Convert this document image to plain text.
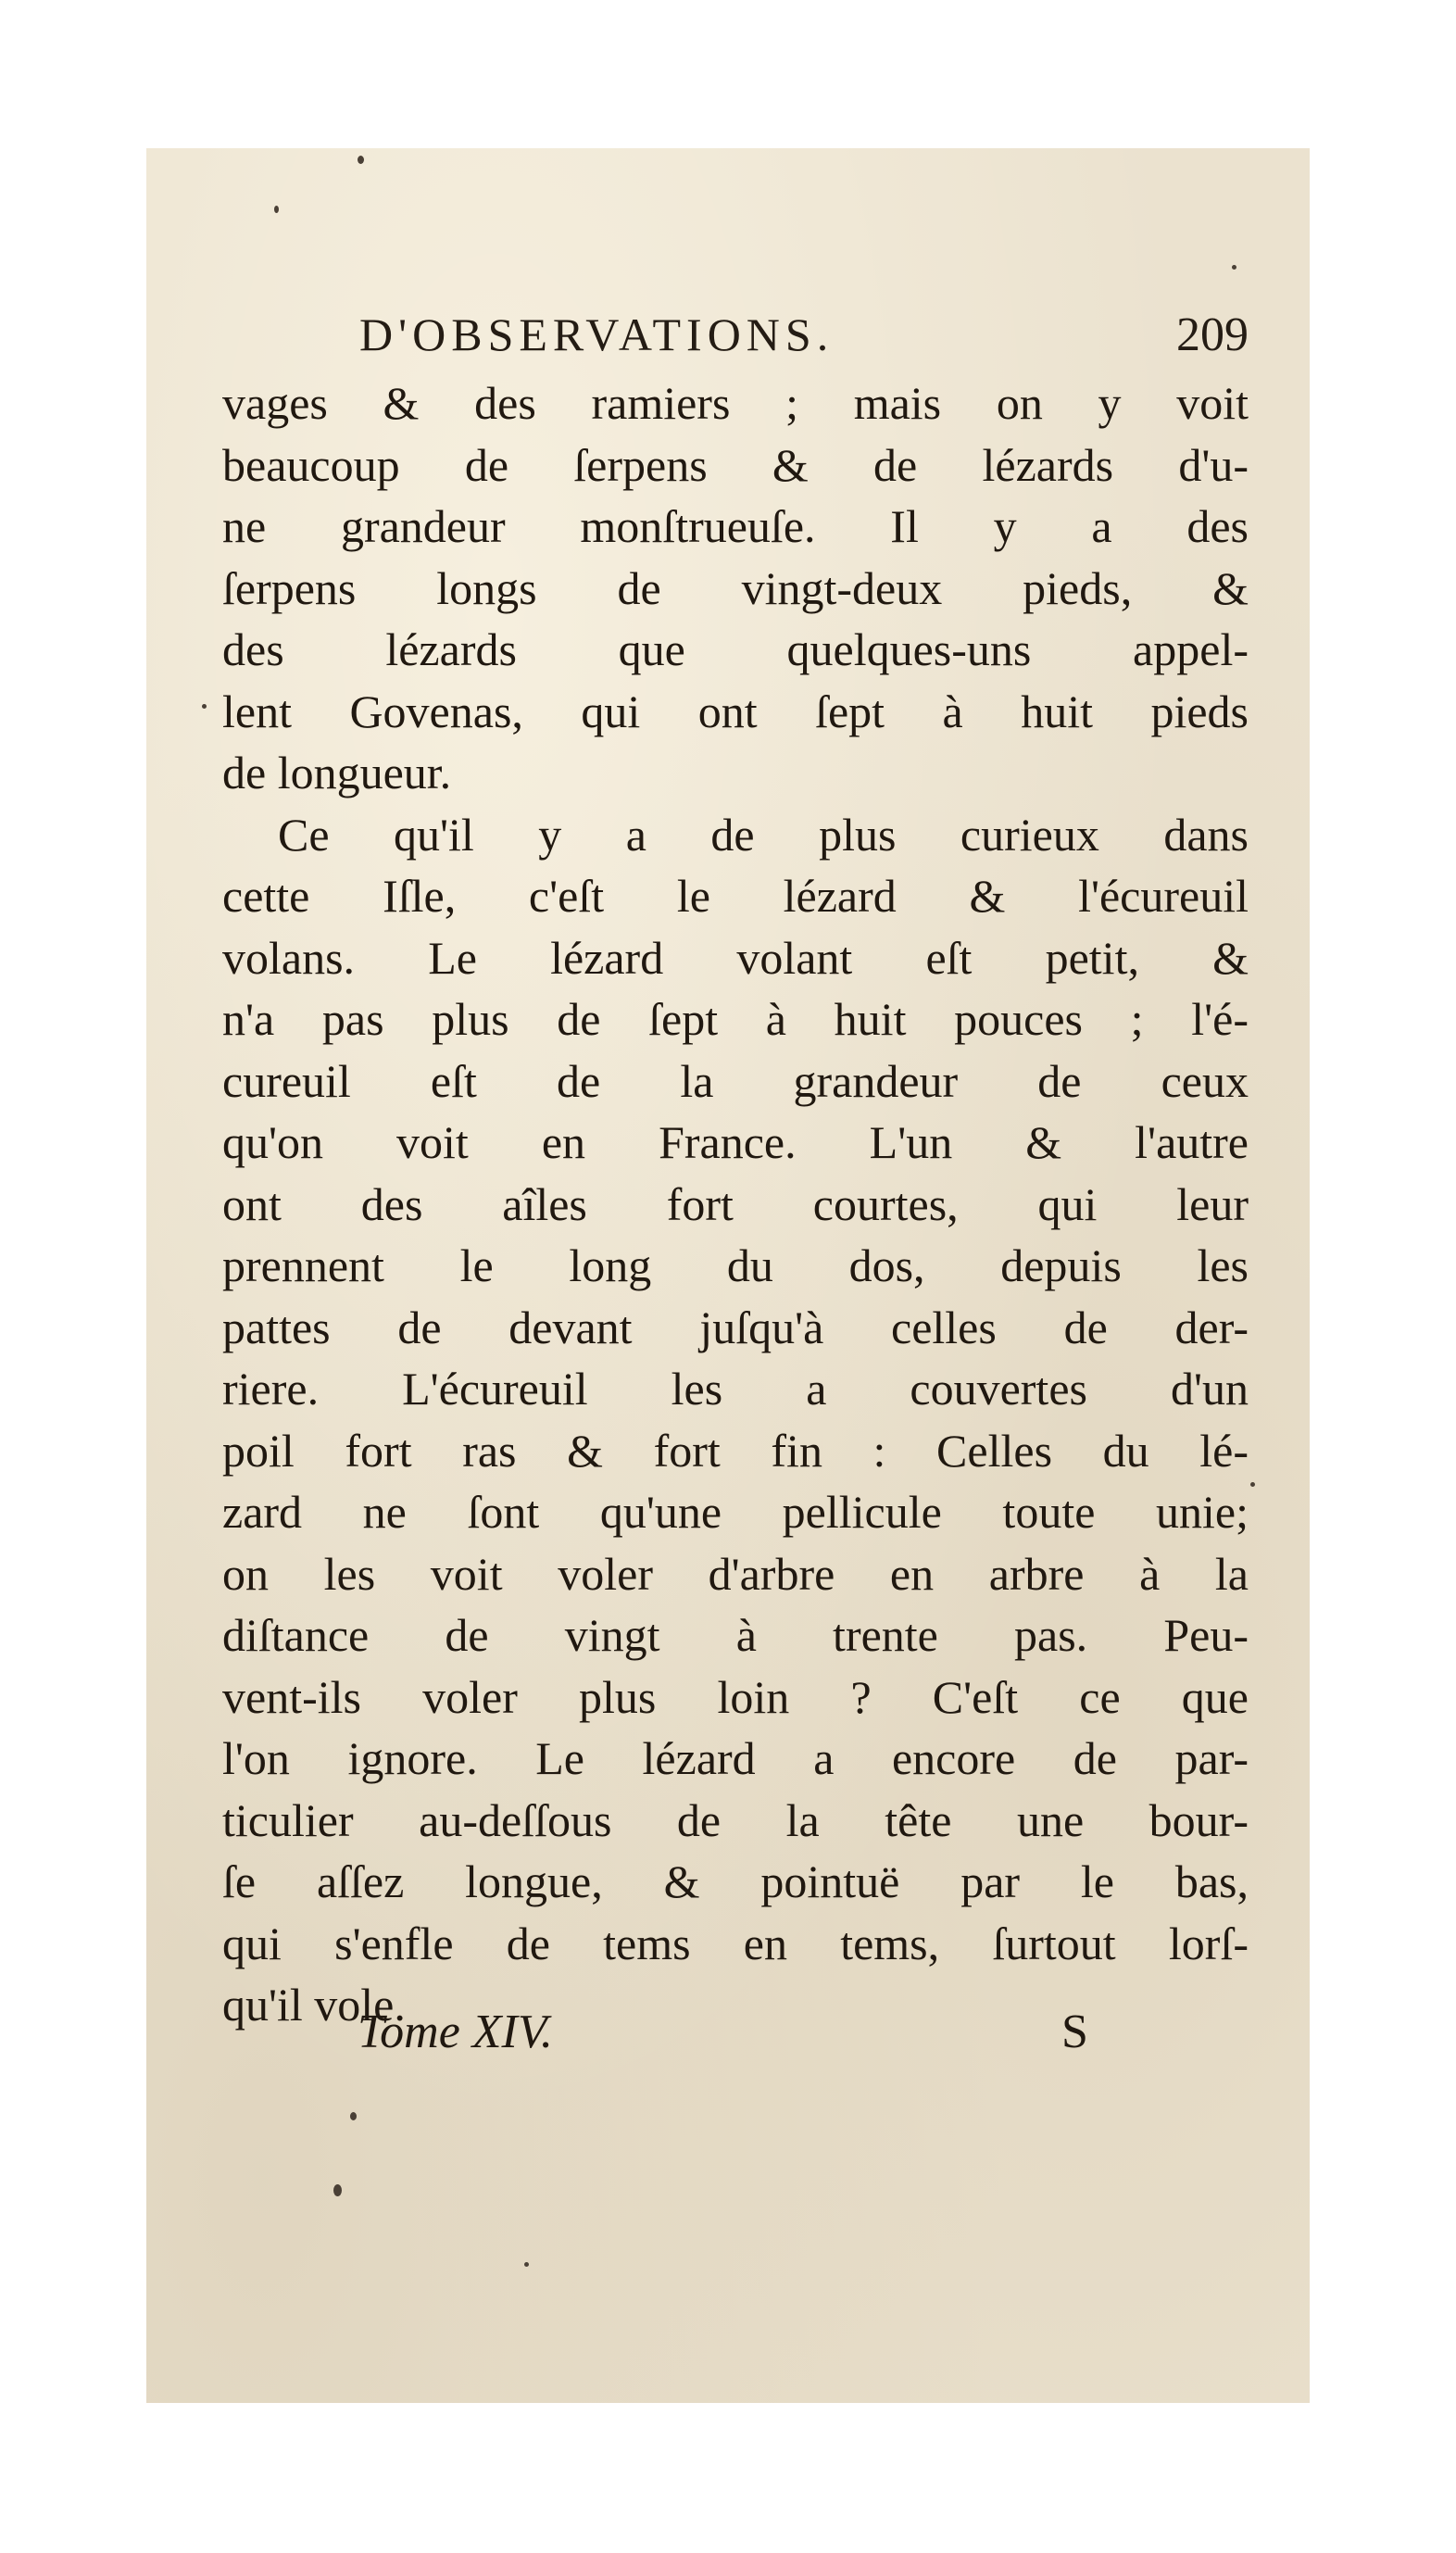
D'OBSERVATIONS.	209
vages & des ramiers ; mais on y voit
beaucoup de ſerpens & de lézards d'u-
ne grandeur monſtrueuſe. Il y a des
ſerpens longs de vingt-deux pieds, &
des lézards que quelques-uns appel-
lent Govenas, qui ont ſept à huit pieds
de longueur.
Ce qu'il y a de plus curieux dans
cette Iſle, c'eſt le lézard & l'écureuil
volans. Le lézard volant eſt petit, &
n'a pas plus de ſept à huit pouces ; l'é-
cureuil eſt de la grandeur de ceux
qu'on voit en France. L'un & l'autre
ont des aîles fort courtes, qui leur
prennent le long du dos, depuis les
pattes de devant juſqu'à celles de der-
riere. L'écureuil les a couvertes d'un
poil fort ras & fort fin : Celles du lé-
zard ne ſont qu'une pellicule toute unie;
on les voit voler d'arbre en arbre à la
diſtance de vingt à trente pas. Peu-
vent-ils voler plus loin ? C'eſt ce que
l'on ignore. Le lézard a encore de par-
ticulier au-deſſous de la tête une bour-
ſe aſſez longue, & pointuë par le bas,
qui s'enfle de tems en tems, ſurtout lorſ-
qu'il vole.
Tome XIV.	S
